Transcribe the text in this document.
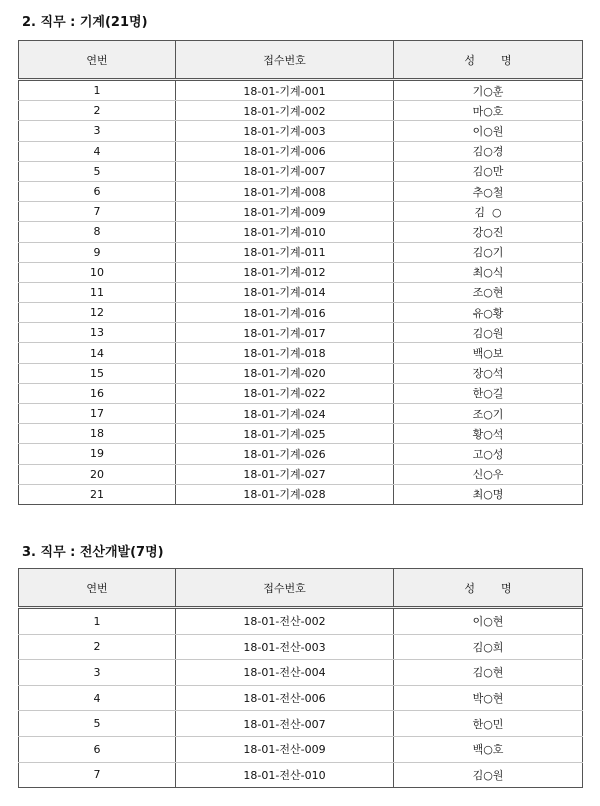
2. 직무 : 기계(21명)
연번	접수번호	성 명
1	18-01-기계-001	기○훈
2	18-01-기계-002	마○호
3	18-01-기계-003	이○원
4	18-01-기계-006	김○경
5	18-01-기계-007	김○만
6	18-01-기계-008	추○철
7	18-01-기계-009	김  ○
8	18-01-기계-010	강○진
9	18-01-기계-011	김○기
10	18-01-기계-012	최○식
11	18-01-기계-014	조○현
12	18-01-기계-016	유○황
13	18-01-기계-017	김○원
14	18-01-기계-018	백○보
15	18-01-기계-020	장○석
16	18-01-기계-022	한○길
17	18-01-기계-024	조○기
18	18-01-기계-025	황○석
19	18-01-기계-026	고○성
20	18-01-기계-027	신○우
21	18-01-기계-028	최○명
3. 직무 : 전산개발(7명)
연번	접수번호	성 명
1	18-01-전산-002	이○현
2	18-01-전산-003	김○희
3	18-01-전산-004	김○현
4	18-01-전산-006	박○현
5	18-01-전산-007	한○민
6	18-01-전산-009	백○호
7	18-01-전산-010	김○원
